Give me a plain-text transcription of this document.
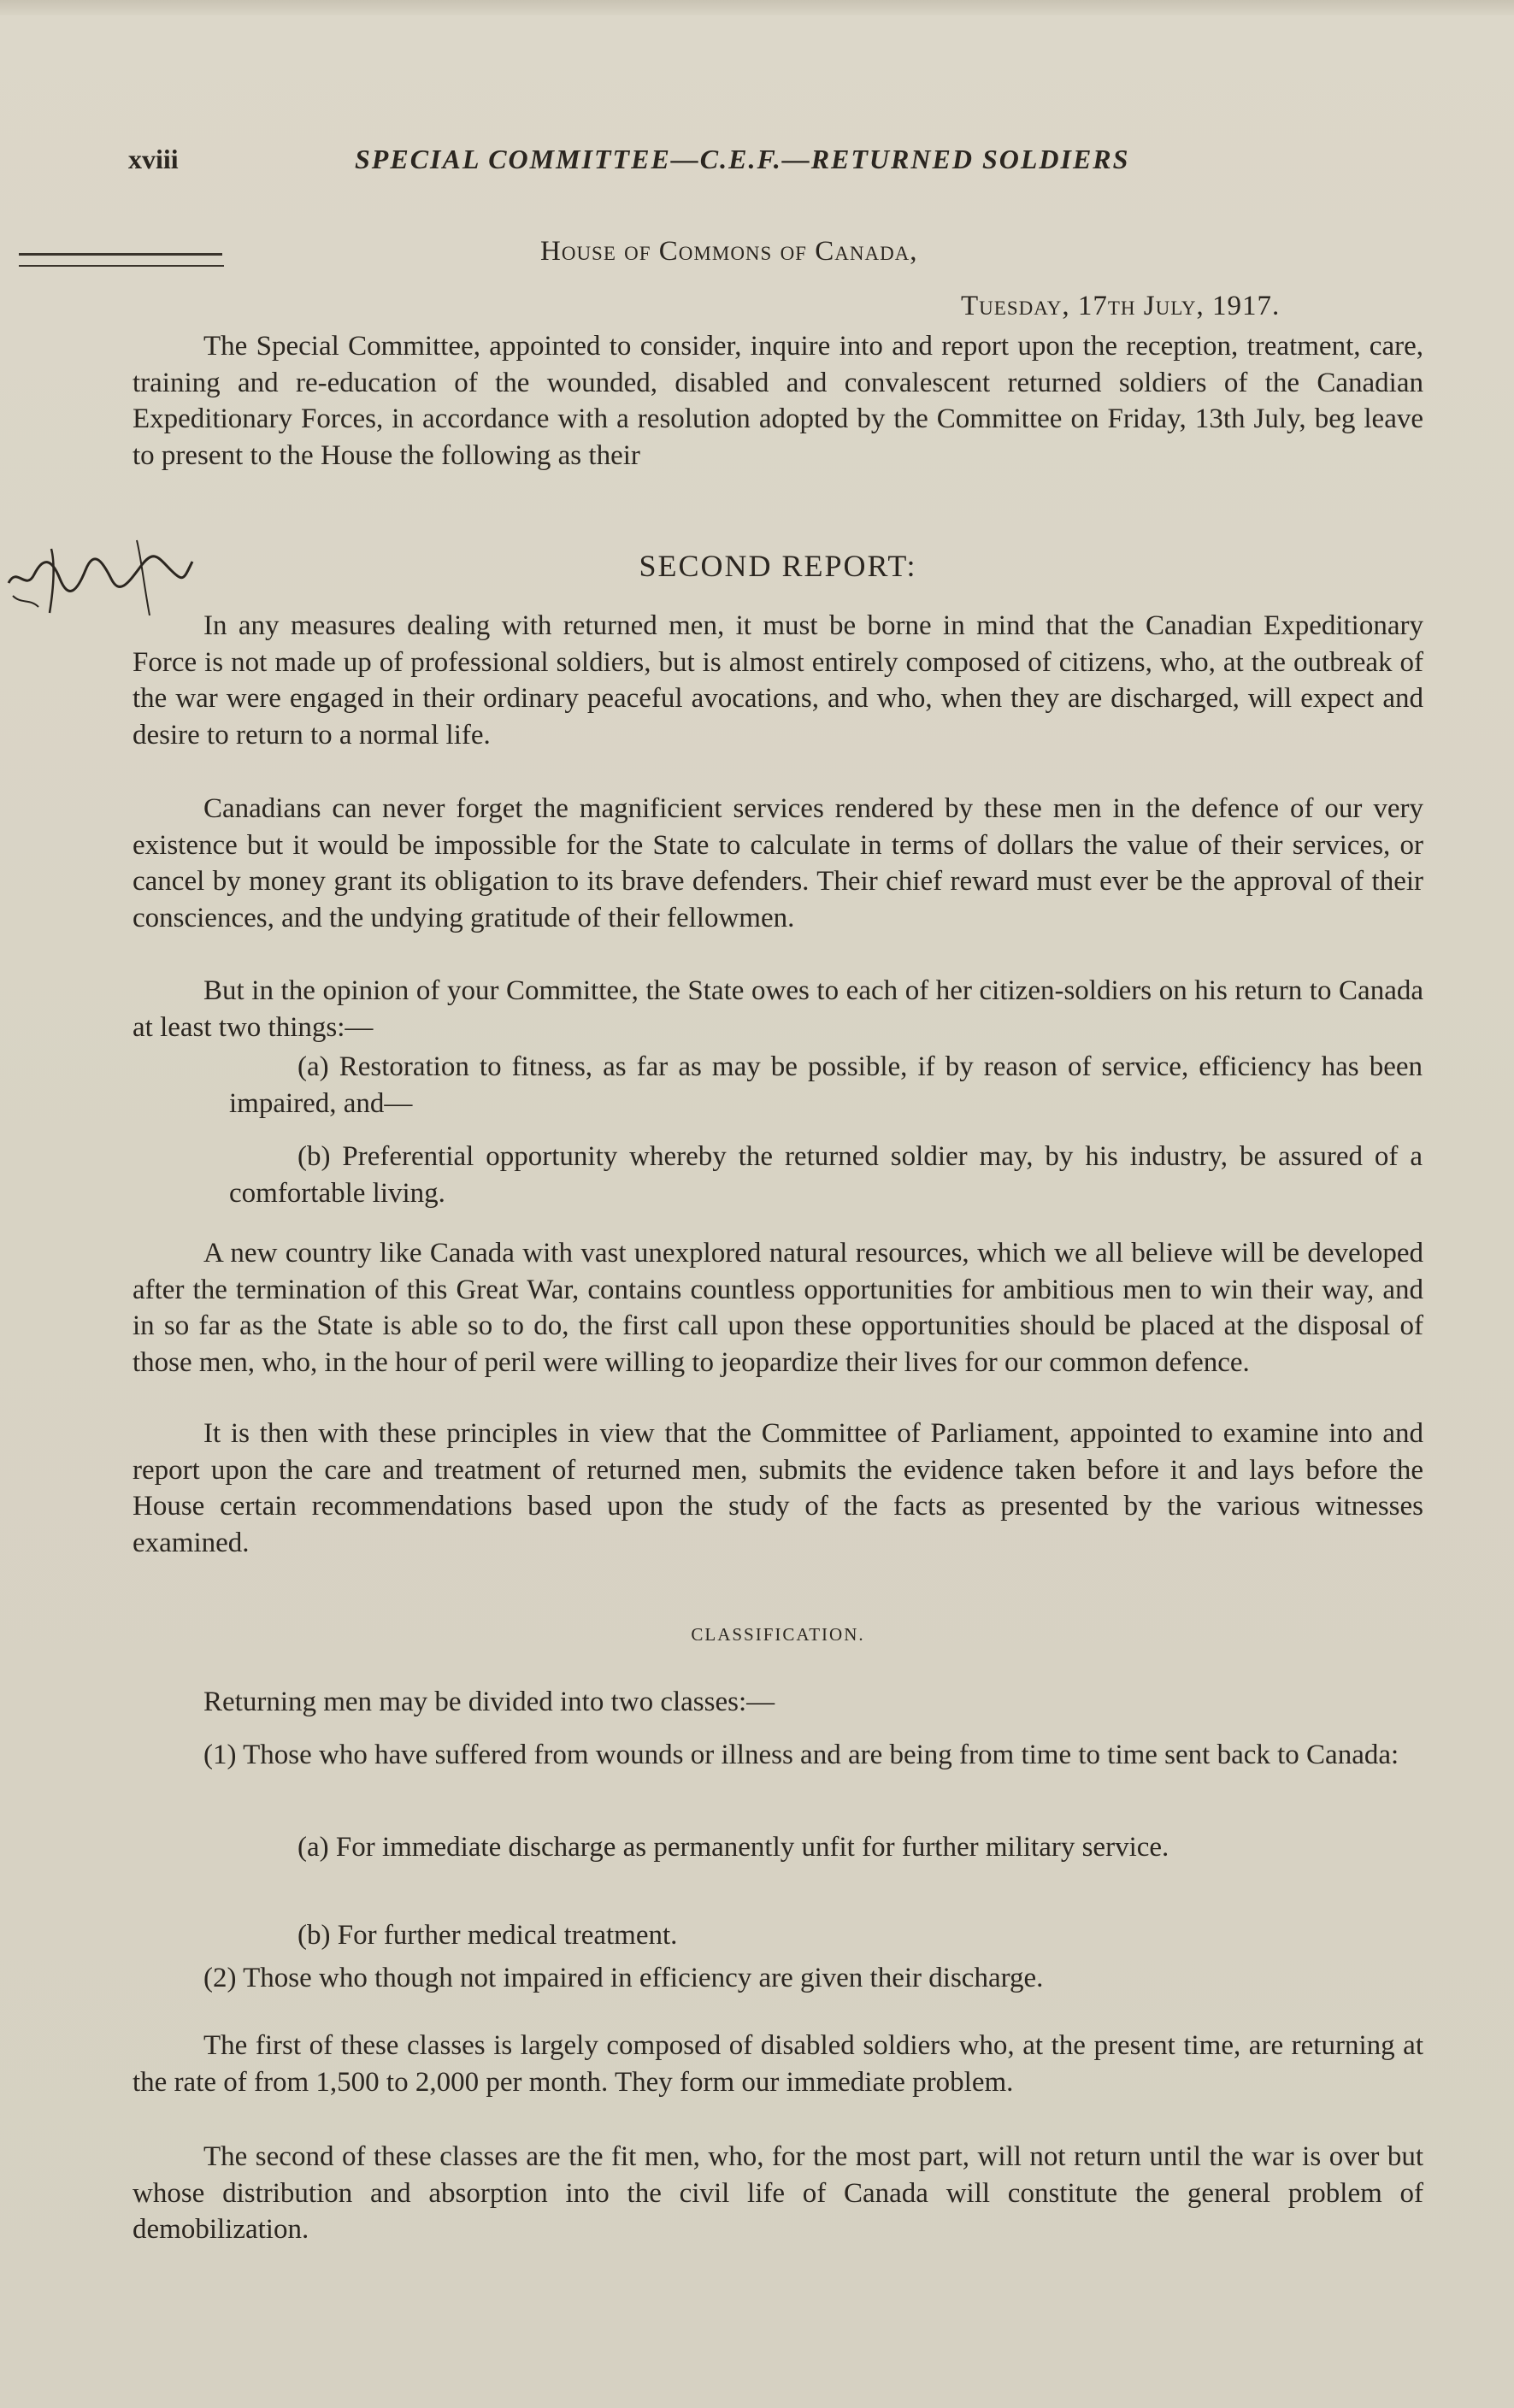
xviii	SPECIAL COMMITTEE—C.E.F.—RETURNED SOLDIERS
House of Commons of Canada,
Tuesday, 17th July, 1917.

The Special Committee, appointed to consider, inquire into and report upon the reception, treatment, care, training and re-education of the wounded, disabled and convalescent returned soldiers of the Canadian Expeditionary Forces, in accordance with a resolution adopted by the Committee on Friday, 13th July, beg leave to present to the House the following as their

SECOND REPORT:

In any measures dealing with returned men, it must be borne in mind that the Canadian Expeditionary Force is not made up of professional soldiers, but is almost entirely composed of citizens, who, at the outbreak of the war were engaged in their ordinary peaceful avocations, and who, when they are discharged, will expect and desire to return to a normal life.

Canadians can never forget the magnificient services rendered by these men in the defence of our very existence but it would be impossible for the State to calculate in terms of dollars the value of their services, or cancel by money grant its obligation to its brave defenders. Their chief reward must ever be the approval of their consciences, and the undying gratitude of their fellowmen.

But in the opinion of your Committee, the State owes to each of her citizen-soldiers on his return to Canada at least two things:—

(a) Restoration to fitness, as far as may be possible, if by reason of service, efficiency has been impaired, and—

(b) Preferential opportunity whereby the returned soldier may, by his industry, be assured of a comfortable living.

A new country like Canada with vast unexplored natural resources, which we all believe will be developed after the termination of this Great War, contains countless opportunities for ambitious men to win their way, and in so far as the State is able so to do, the first call upon these opportunities should be placed at the disposal of those men, who, in the hour of peril were willing to jeopardize their lives for our common defence.

It is then with these principles in view that the Committee of Parliament, appointed to examine into and report upon the care and treatment of returned men, submits the evidence taken before it and lays before the House certain recommendations based upon the study of the facts as presented by the various witnesses examined.

CLASSIFICATION.

Returning men may be divided into two classes:—

(1) Those who have suffered from wounds or illness and are being from time to time sent back to Canada:

(a) For immediate discharge as permanently unfit for further military service.

(b) For further medical treatment.

(2) Those who though not impaired in efficiency are given their discharge.

The first of these classes is largely composed of disabled soldiers who, at the present time, are returning at the rate of from 1,500 to 2,000 per month. They form our immediate problem.

The second of these classes are the fit men, who, for the most part, will not return until the war is over but whose distribution and absorption into the civil life of Canada will constitute the general problem of demobilization.
